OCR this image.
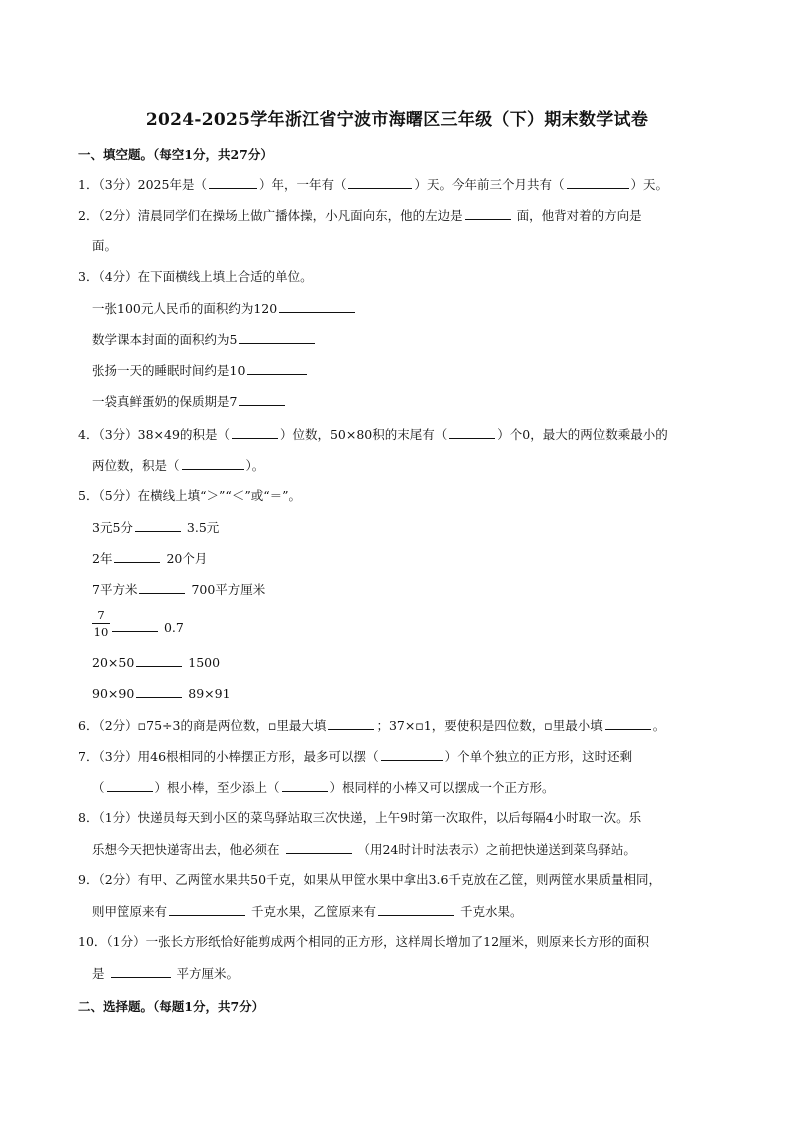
2024-2025学年浙江省宁波市海曙区三年级（下）期末数学试卷
一、填空题。（每空1分，共27分）
1．（3分）2025年是（	）年，一年有（	）天。今年前三个月共有（	）天。
2．（2分）清晨同学们在操场上做广播体操，小凡面向东，他的左边是	面，他背对着的方向是
面。
3．（4分）在下面横线上填上合适的单位。
一张100元人民币的面积约为120
数学课本封面的面积约为5
张扬一天的睡眠时间约是10
一袋真鲜蛋奶的保质期是7
4．（3分）38×49的积是（	）位数，50×80积的末尾有（	）个0，最大的两位数乘最小的
两位数，积是（	）。
5．（5分）在横线上填“＞”“＜”或“＝”。
3元5分	3.5元
2年	20个月
7平方米	700平方厘米
7
10	0.7
20×50	1500
90×90	89×91
6．（2分）▫75÷3的商是两位数，▫里最大填	；37×▫1，要使积是四位数，▫里最小填	。
7．（3分）用46根相同的小棒摆正方形，最多可以摆（	）个单个独立的正方形，这时还剩
（	）根小棒，至少添上（	）根同样的小棒又可以摆成一个正方形。
8．（1分）快递员每天到小区的菜鸟驿站取三次快递，上午9时第一次取件，以后每隔4小时取一次。乐
乐想今天把快递寄出去，他必须在	（用24时计时法表示）之前把快递送到菜鸟驿站。
9．（2分）有甲、乙两筐水果共50千克，如果从甲筐水果中拿出3.6千克放在乙筐，则两筐水果质量相同，
则甲筐原来有	千克水果，乙筐原来有	千克水果。
10．（1分）一张长方形纸恰好能剪成两个相同的正方形，这样周长增加了12厘米，则原来长方形的面积
是	平方厘米。
二、选择题。（每题1分，共7分）
